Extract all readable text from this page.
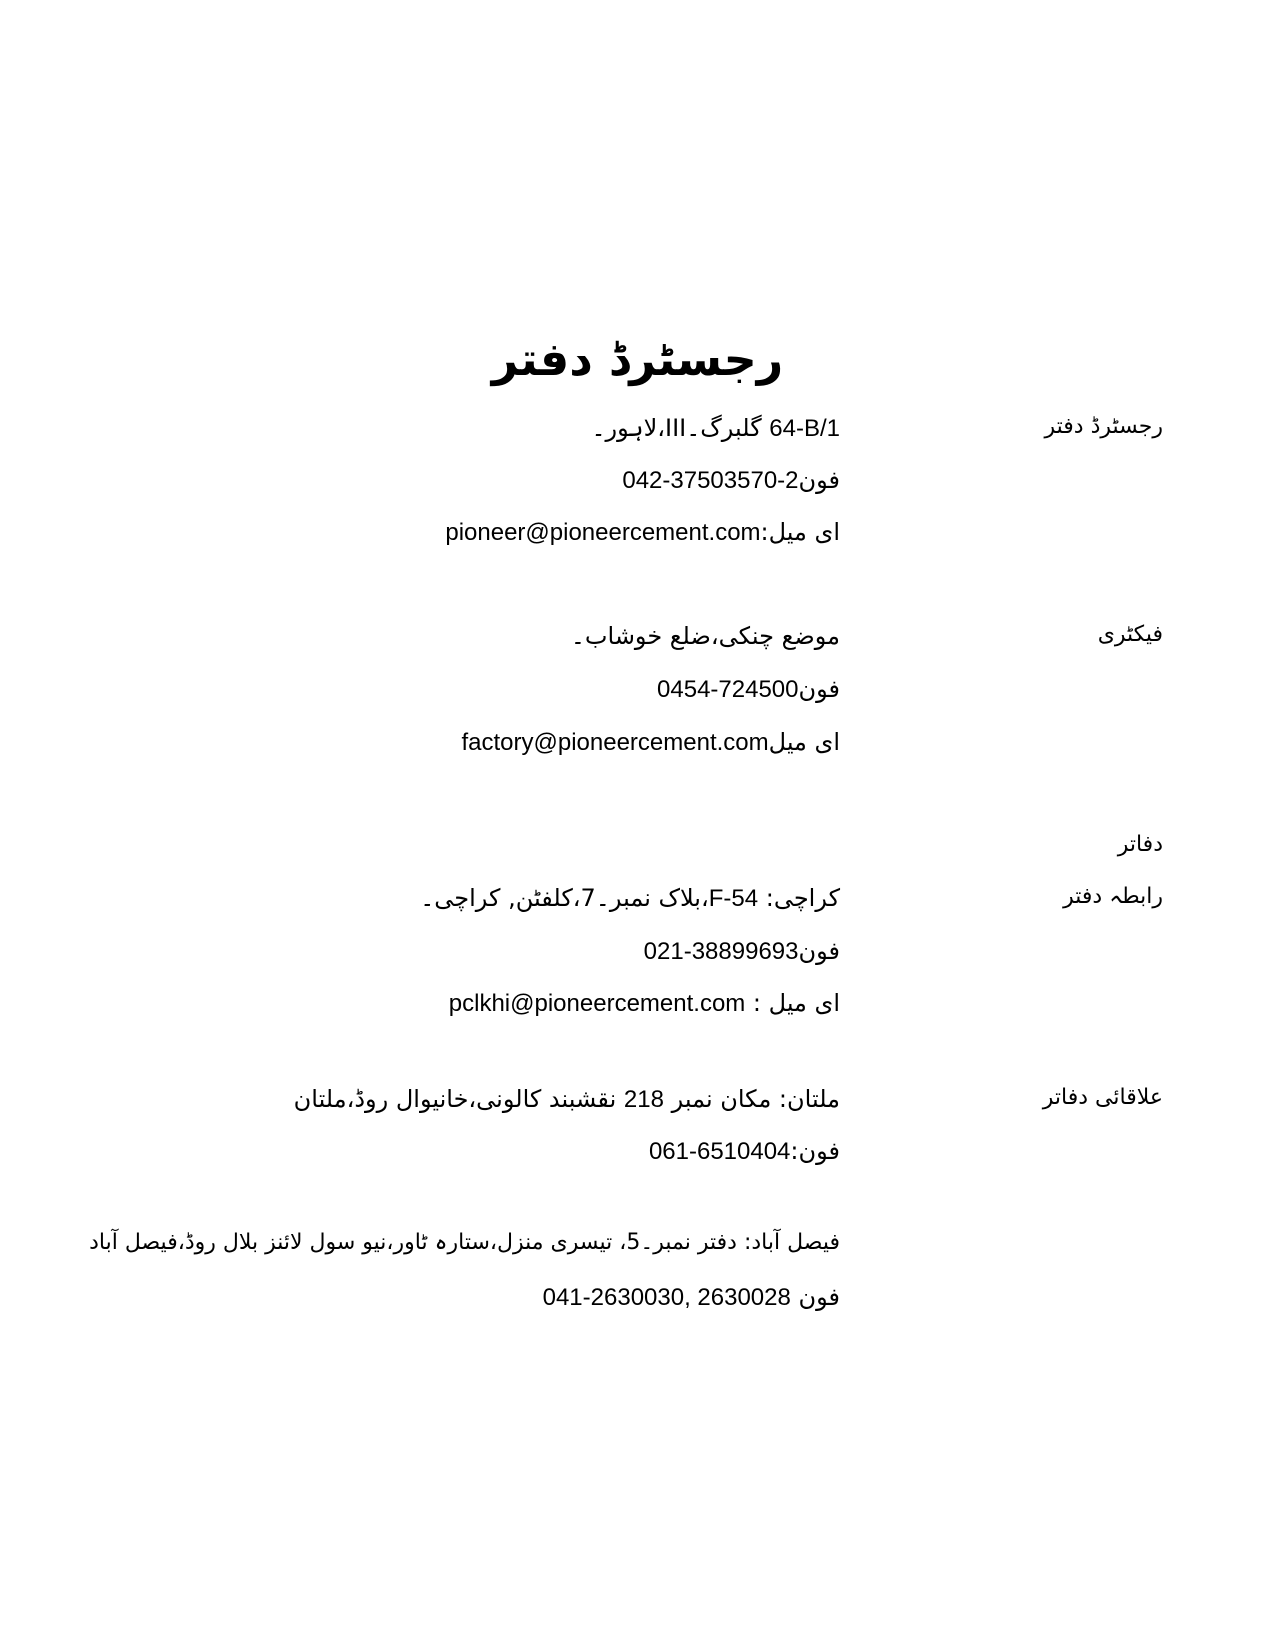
رجسٹرڈ دفتر
رجسٹرڈ دفتر
64-B/1 گلبرگ۔III،لاہور۔
فون042-37503570-2
ای میل:pioneer@pioneercement.com
فیکٹری
موضع چنکی،ضلع خوشاب۔
فون0454-724500
ای میلfactory@pioneercement.com
دفاتر
رابطہ دفتر
کراچی: F-54،بلاک نمبر۔7،کلفٹن, کراچی۔
فون021-38899693
ای میل : pclkhi@pioneercement.com
علاقائی دفاتر
ملتان: مکان نمبر 218 نقشبند کالونی،خانیوال روڈ،ملتان
فون:061-6510404
فیصل آباد: دفتر نمبر۔5، تیسری منزل،ستارہ ٹاور،نیو سول لائنز بلال روڈ،فیصل آباد
فون 041-2630030, 2630028
